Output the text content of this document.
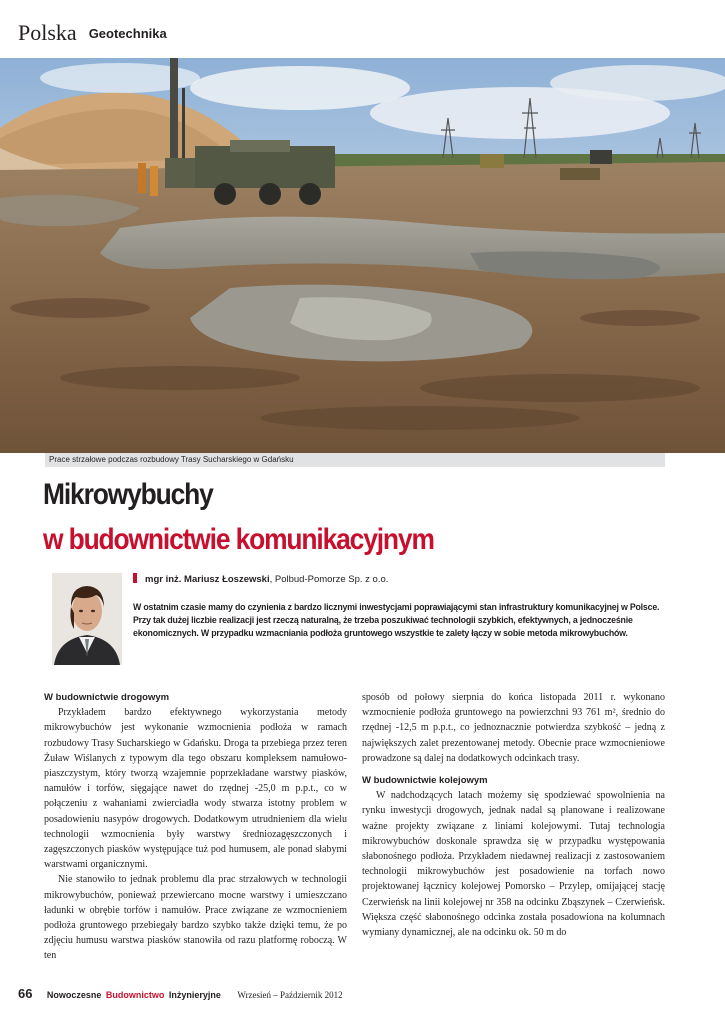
Polska Geotechnika
Prace strzałowe podczas rozbudowy Trasy Sucharskiego w Gdańsku
Mikrowybuchy
w budownictwie komunikacyjnym
mgr inż. Mariusz Łoszewski, Polbud-Pomorze Sp. z o.o.

W ostatnim czasie mamy do czynienia z bardzo licznymi inwestycjami poprawiającymi stan infrastruktury komunikacyjnej w Polsce. Przy tak dużej liczbie realizacji jest rzeczą naturalną, że trzeba poszukiwać technologii szybkich, efektywnych, a jednocześnie ekonomicznych. W przypadku wzmacniania podłoża gruntowego wszystkie te zalety łączy w sobie metoda mikrowybuchów.

W budownictwie drogowym

Przykładem bardzo efektywnego wykorzystania metody mikrowybuchów jest wykonanie wzmocnienia podłoża w ramach rozbudowy Trasy Sucharskiego w Gdańsku. Droga ta przebiega przez teren Żuław Wiślanych z typowym dla tego obszaru kompleksem namułowo-piaszczystym, który tworzą wzajemnie poprzekładane warstwy piasków, namułów i torfów, sięgające nawet do rzędnej -25,0 m p.p.t., co w połączeniu z wahaniami zwierciadła wody stwarza istotny problem w posadowieniu nasypów drogowych. Dodatkowym utrudnieniem dla wielu technologii wzmocnienia były warstwy średniozagęszczonych i zagęszczonych piasków występujące tuż pod humusem, ale ponad słabymi warstwami organicznymi.

Nie stanowiło to jednak problemu dla prac strzałowych w technologii mikrowybuchów, ponieważ przewiercano mocne warstwy i umieszczano ładunki w obrębie torfów i namułów. Prace związane ze wzmocnieniem podłoża gruntowego przebiegały bardzo szybko także dzięki temu, że po zdjęciu humusu warstwa piasków stanowiła od razu platformę roboczą. W ten

sposób od połowy sierpnia do końca listopada 2011 r. wykonano wzmocnienie podłoża gruntowego na powierzchni 93 761 m², średnio do rzędnej -12,5 m p.p.t., co jednoznacznie potwierdza szybkość – jedną z największych zalet prezentowanej metody. Obecnie prace wzmocnieniowe prowadzone są dalej na dodatkowych odcinkach trasy.

W budownictwie kolejowym

W nadchodzących latach możemy się spodziewać spowolnienia na rynku inwestycji drogowych, jednak nadal są planowane i realizowane ważne projekty związane z liniami kolejowymi. Tutaj technologia mikrowybuchów doskonale sprawdza się w przypadku występowania słabonośnego podłoża. Przykładem niedawnej realizacji z zastosowaniem technologii mikrowybuchów jest posadowienie na torfach nowo projektowanej łącznicy kolejowej Pomorsko – Przylep, omijającej stację Czerwieńsk na linii kolejowej nr 358 na odcinku Zbąszynek – Czerwieńsk. Większa część słabonośnego odcinka została posadowiona na kolumnach wymiany dynamicznej, ale na odcinku ok. 50 m do

66 Nowoczesne Budownictwo Inżynieryjne Wrzesień – Październik 2012
